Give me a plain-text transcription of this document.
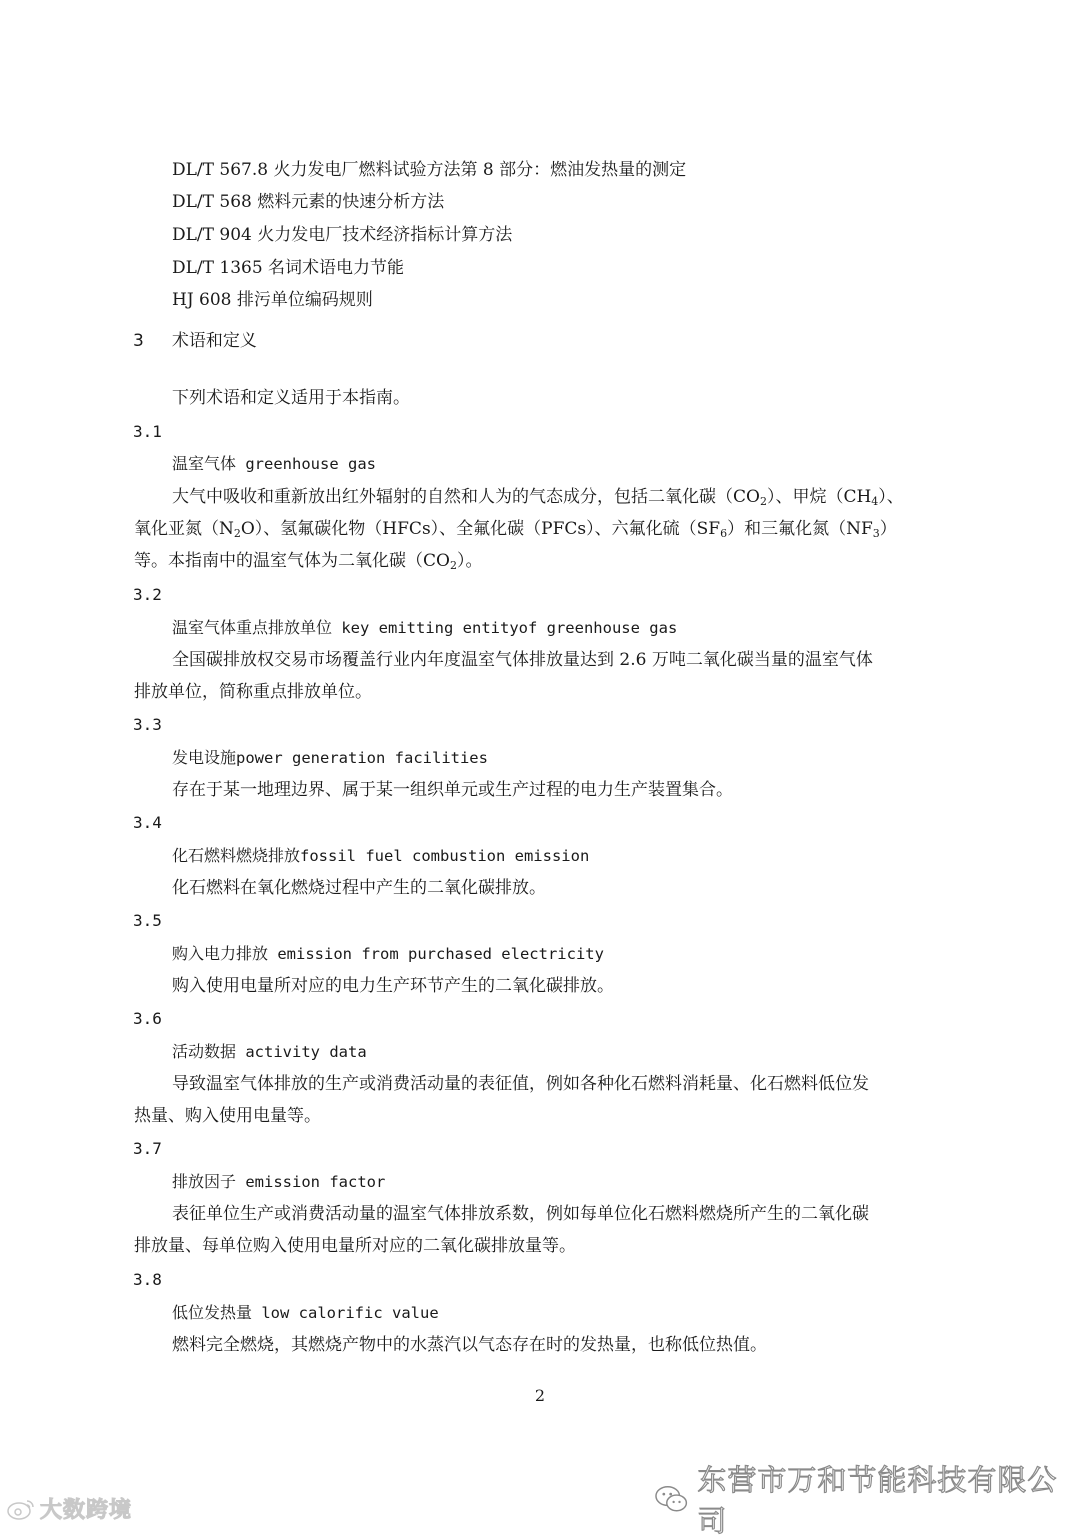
DL/T 567.8 火力发电厂燃料试验方法第 8 部分：燃油发热量的测定
DL/T 568 燃料元素的快速分析方法
DL/T 904 火力发电厂技术经济指标计算方法
DL/T 1365 名词术语电力节能
HJ 608 排污单位编码规则
3 术语和定义
下列术语和定义适用于本指南。
3.1
温室气体 greenhouse gas
大气中吸收和重新放出红外辐射的自然和人为的气态成分，包括二氧化碳$(CO_2)$、甲烷$(CH_4)$、
氧化亚氮$(N_2O)$、氢氟碳化物（HFCs）、全氟化碳（PFCs）、六氟化硫$(SF_6)$和三氟化氮$(NF_3)$
等。本指南中的温室气体为二氧化碳$(CO_2)$。
3.2
温室气体重点排放单位 key emitting entityof greenhouse gas
全国碳排放权交易市场覆盖行业内年度温室气体排放量达到 2.6 万吨二氧化碳当量的温室气体
排放单位，简称重点排放单位。
3.3
发电设施power generation facilities
存在于某一地理边界、属于某一组织单元或生产过程的电力生产装置集合。
3.4
化石燃料燃烧排放fossil fuel combustion emission
化石燃料在氧化燃烧过程中产生的二氧化碳排放。
3.5
购入电力排放 emission from purchased electricity
购入使用电量所对应的电力生产环节产生的二氧化碳排放。
3.6
活动数据 activity data
导致温室气体排放的生产或消费活动量的表征值，例如各种化石燃料消耗量、化石燃料低位发
热量、购入使用电量等。
3.7
排放因子 emission factor
表征单位生产或消费活动量的温室气体排放系数，例如每单位化石燃料燃烧所产生的二氧化碳
排放量、每单位购入使用电量所对应的二氧化碳排放量等。
3.8
低位发热量 low calorific value
燃料完全燃烧，其燃烧产物中的水蒸汽以气态存在时的发热量，也称低位热值。
2
大数跨境
东营市万和节能科技有限公司
